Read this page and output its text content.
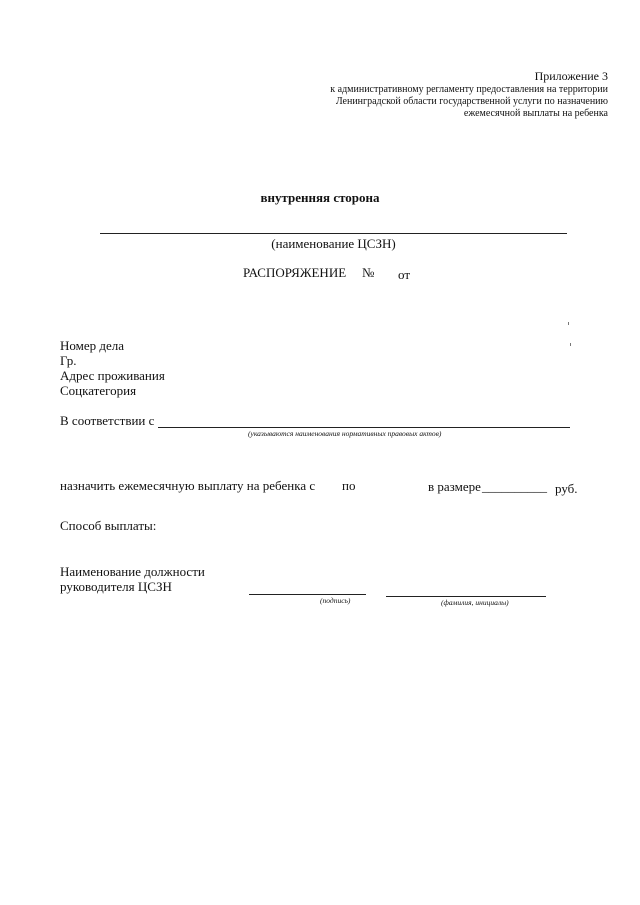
Приложение 3
к административному регламенту предоставления на территории
Ленинградской области государственной услуги по назначению
ежемесячной выплаты на ребенка
внутренняя сторона
(наименование ЦСЗН)
РАСПОРЯЖЕНИЕ № от
Номер дела
Гр.
Адрес проживания
Соцкатегория
В соответствии с
(указываются наименования нормативных правовых актов)
назначить ежемесячную выплату на ребенка с по	в размере __________ руб.
Способ выплаты:
Наименование должности
руководителя ЦСЗН
(подпись)	(фамилия, инициалы)
